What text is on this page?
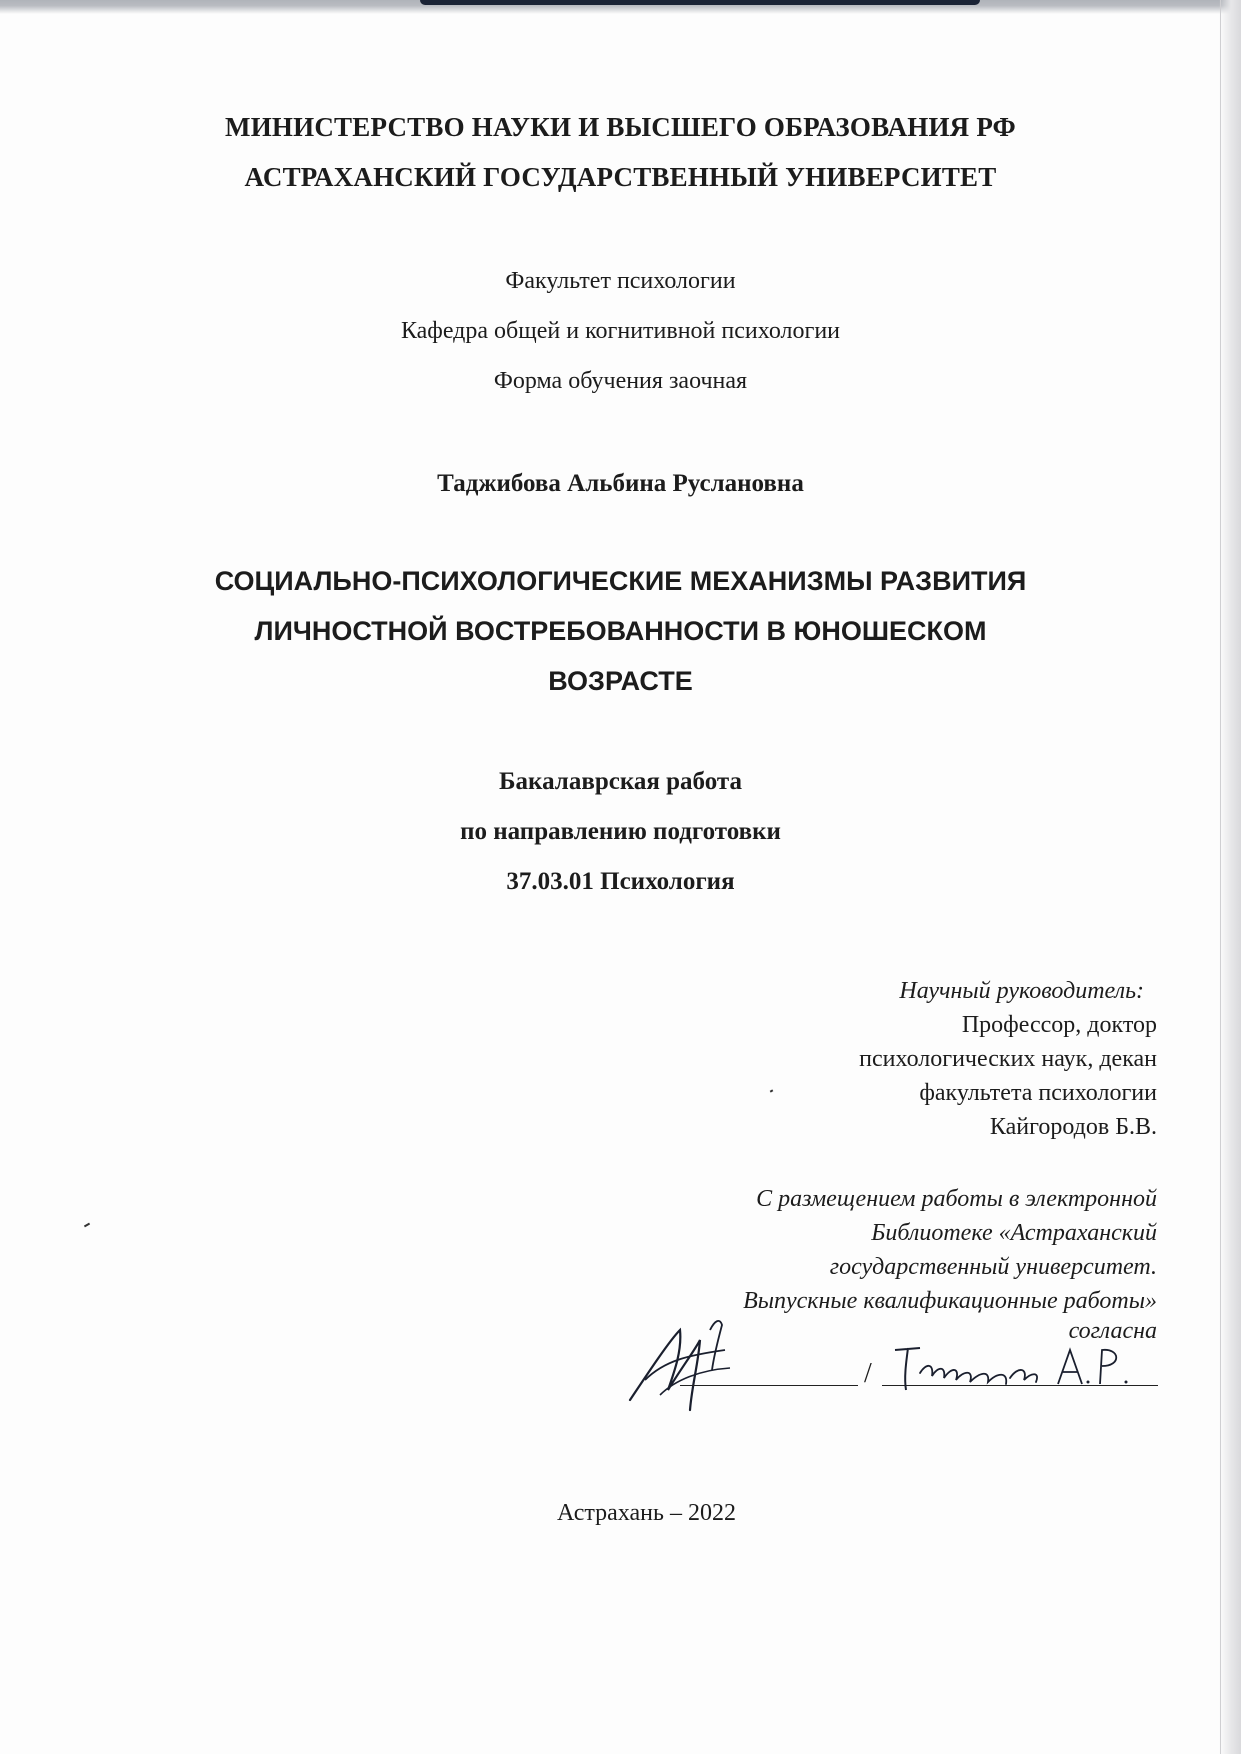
МИНИСТЕРСТВО НАУКИ И ВЫСШЕГО ОБРАЗОВАНИЯ РФ
АСТРАХАНСКИЙ ГОСУДАРСТВЕННЫЙ УНИВЕРСИТЕТ
Факультет психологии
Кафедра общей и когнитивной психологии
Форма обучения заочная
Таджибова Альбина Руслановна
СОЦИАЛЬНО-ПСИХОЛОГИЧЕСКИЕ МЕХАНИЗМЫ РАЗВИТИЯ
ЛИЧНОСТНОЙ ВОСТРЕБОВАННОСТИ В ЮНОШЕСКОМ
ВОЗРАСТЕ
Бакалаврская работа
по направлению подготовки
37.03.01 Психология
Научный руководитель:
Профессор, доктор
психологических наук, декан
факультета психологии
Кайгородов Б.В.
С размещением работы в электронной
Библиотеке «Астраханский
государственный университет.
Выпускные квалификационные работы»
согласна
/
Астрахань – 2022
